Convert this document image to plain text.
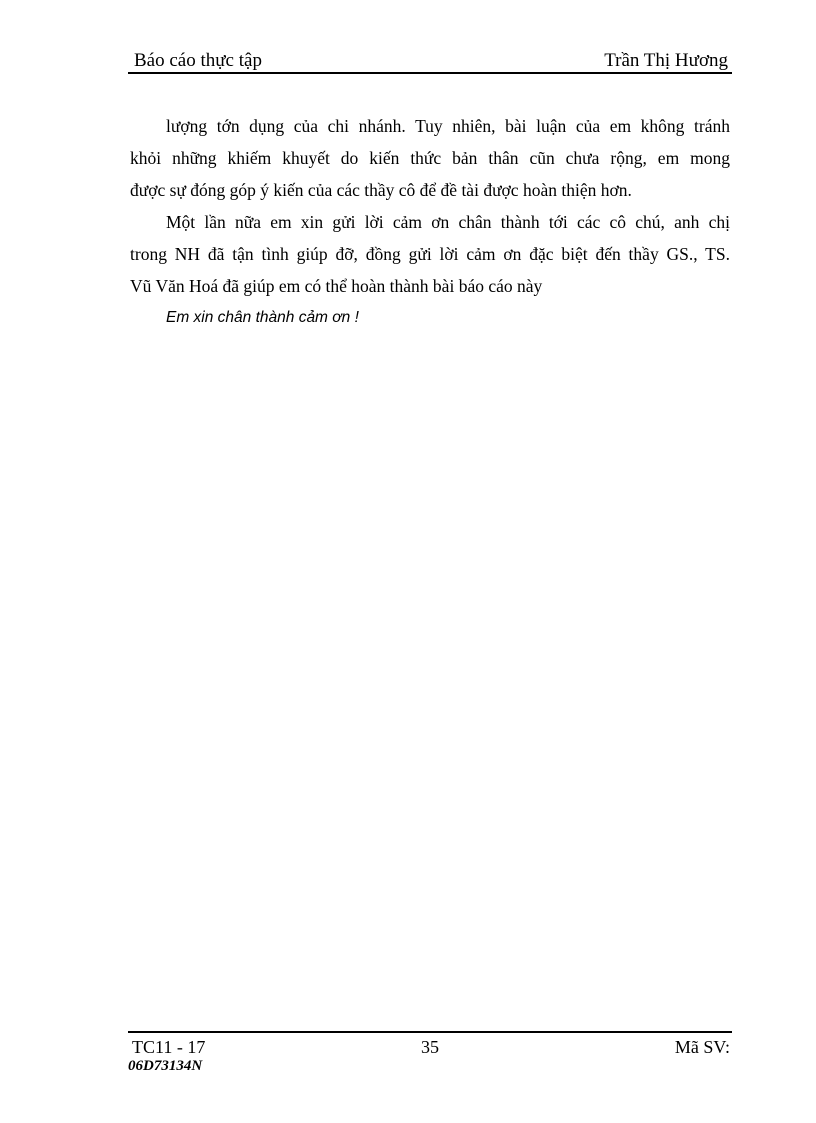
Báo cáo thực tập	Trần Thị Hương
lượng tớn dụng của chi nhánh. Tuy nhiên, bài luận của em không tránh
khỏi những khiếm khuyết do kiến thức bản thân cũn chưa rộng, em mong
được sự đóng góp ý kiến của các thầy cô để đề tài được hoàn thiện hơn.
Một lần nữa em xin gửi lời cảm ơn chân thành tới các cô chú, anh chị
trong NH đã tận tình giúp đỡ, đồng gửi lời cảm ơn đặc biệt đến thầy GS., TS.
Vũ Văn Hoá đã giúp em có thể hoàn thành bài báo cáo này
Em xin chân thành cảm ơn !
TC11 - 17	35	Mã SV:
06D73134N
